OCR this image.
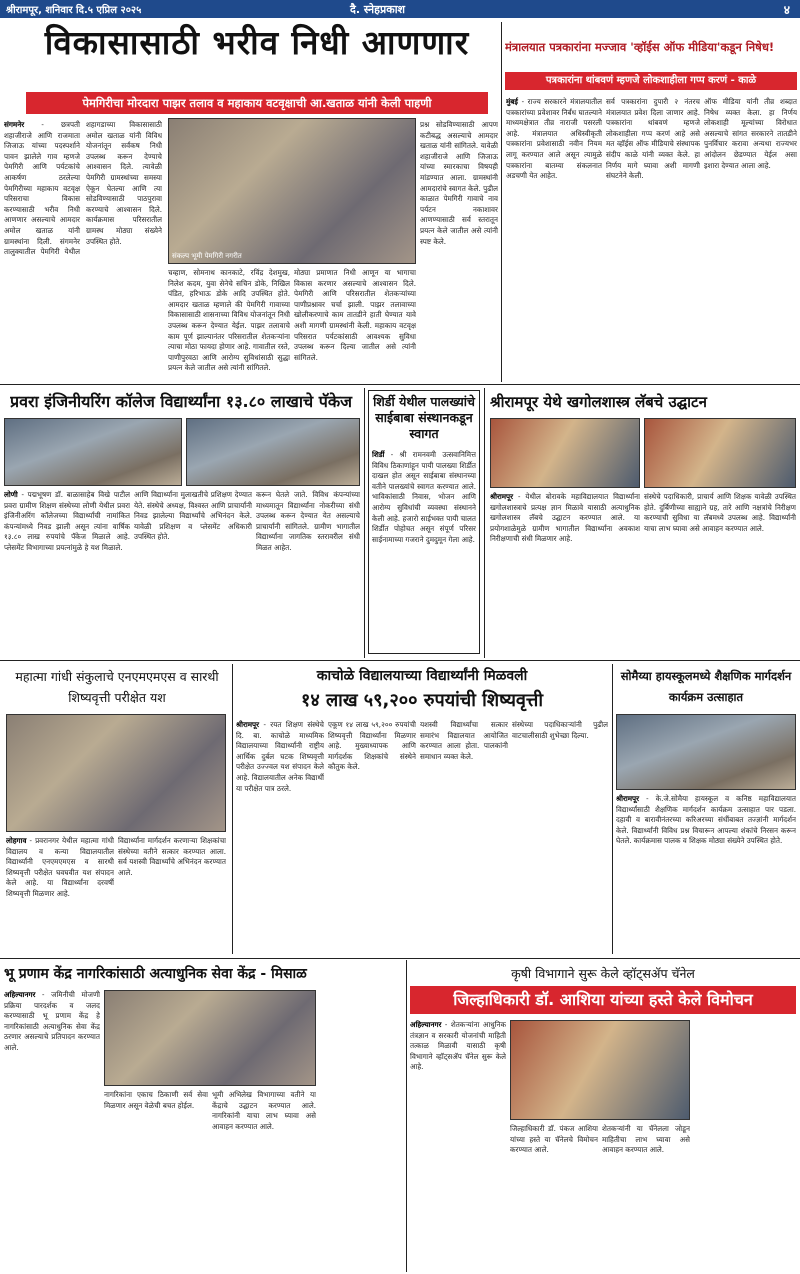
श्रीरामपूर, शनिवार दि.५ एप्रिल २०२५	दै. स्नेहप्रकाश	४
विकासासाठी भरीव निधी आणणार
पेमगिरीचा मोरदारा पाझर तलाव व महाकाय वटवृक्षाची आ.खताळ यांनी केली पाहणी
संकल्प भूमी पेमगिरी नगरीत
संगमनेर - छत्रपती शहाजीराजे आणि राजमाता जिजाऊ यांच्या पदस्पर्शाने पावन झालेले गाव म्हणजे पेमगिरी आणि पर्यटकांचे आकर्षण ठरलेल्या पेमगिरीच्या महाकाय वटवृक्ष परिसराचा विकास करण्यासाठी भरीव निधी आणणार असल्याचे आमदार अमोल खताळ यांनी ग्रामस्थांना दिली. संगमनेर तालुक्यातील पेमगिरी येथील शहागडाच्या विकासासाठी अमोल खताळ यांनी विविध योजनांतून सर्वंकष निधी उपलब्ध करून देण्याचे आश्वासन दिले. त्यावेळी पेमगिरी ग्रामस्थांच्या समस्या ऐकून घेतल्या आणि त्या सोडविण्यासाठी पाठपुरावा करण्याचे आश्वासन दिले. कार्यक्रमास परिसरातील ग्रामस्थ मोठ्या संख्येने उपस्थित होते.
चव्हाण, सोमनाथ कानकाटे, रविंद्र देशमुख, निलेश कदम, युवा सेनेचे सचिन डोके, निखिल पंडित, हरिभाऊ डोके आदि उपस्थित होते. आमदार खताळ म्हणाले की पेमगिरी गावाच्या विकासासाठी शासनाच्या विविध योजनांतून निधी उपलब्ध करून देण्यात येईल. पाझर तलावाचे काम पूर्ण झाल्यानंतर परिसरातील शेतकऱ्यांना त्याचा मोठा फायदा होणार आहे. गावातील रस्ते, पाणीपुरवठा आणि आरोग्य सुविधांसाठी सुद्धा प्रयत्न केले जातील असे त्यांनी सांगितले.
मोठ्या प्रमाणात निधी आणून या भागाचा विकास करणार असल्याचे आश्वासन दिले. पेमगिरी आणि परिसरातील शेतकऱ्यांच्या पाणीप्रश्नावर चर्चा झाली. पाझर तलावाच्या खोलीकरणाचे काम तातडीने हाती घेण्यात यावे अशी मागणी ग्रामस्थांनी केली. महाकाय वटवृक्ष परिसरात पर्यटकांसाठी आवश्यक सुविधा उपलब्ध करून दिल्या जातील असे त्यांनी सांगितले.
प्रश्न सोडविण्यासाठी आपण कटीबद्ध असल्याचे आमदार खताळ यांनी सांगितले. यावेळी शहाजीराजे आणि जिजाऊ यांच्या स्मारकाचा विषयही मांडण्यात आला. ग्रामस्थांनी आमदारांचे स्वागत केले. पुढील काळात पेमगिरी गावाचे नाव पर्यटन नकाशावर आणण्यासाठी सर्व स्तरातून प्रयत्न केले जातील असे त्यांनी स्पष्ट केले.
मंत्रालयात पत्रकारांना मज्जाव 'व्हॉईस ऑफ मीडिया'कडून निषेध!
पत्रकारांना थांबवणं म्हणजे लोकशाहीला गप्प करणं - काळे
मुंबई - राज्य सरकारने मंत्रालयातील पत्रकारांच्या प्रवेशावर निर्बंध घातल्याने माध्यमक्षेत्रात तीव्र नाराजी पसरली आहे. मंत्रालयात अधिस्वीकृती पत्रकारांना प्रवेशासाठी नवीन नियम लागू करण्यात आले असून त्यामुळे पत्रकारांना बातम्या संकलनात अडचणी येत आहेत.
सर्व पत्रकारांना दुपारी २ नंतरच मंत्रालयात प्रवेश दिला जाणार आहे. पत्रकारांना थांबवणं म्हणजे लोकशाहीला गप्प करणं आहे असे मत व्हॉईस ऑफ मीडियाचे संस्थापक संदीप काळे यांनी व्यक्त केले. हा निर्णय मागे घ्यावा अशी मागणी संघटनेने केली.
ऑफ मीडिया यांनी तीव्र शब्दात निषेध व्यक्त केला. हा निर्णय लोकशाही मूल्यांच्या विरोधात असल्याचे सांगत सरकारने तातडीने पुनर्विचार करावा अन्यथा राज्यभर आंदोलन छेडण्यात येईल असा इशारा देण्यात आला आहे.
प्रवरा इंजिनीयरिंग कॉलेज विद्यार्थ्यांना १३.८० लाखाचे पॅकेज
लोणी - पद्मभूषण डॉ. बाळासाहेब विखे पाटील प्रवरा ग्रामीण शिक्षण संस्थेच्या लोणी येथील प्रवरा इंजिनीअरिंग कॉलेजच्या विद्यार्थ्यांची नामांकित कंपन्यांमध्ये निवड झाली असून त्यांना वार्षिक १३.८० लाख रुपयांचे पॅकेज मिळाले आहे. प्लेसमेंट विभागाच्या प्रयत्नांमुळे हे यश मिळाले.
आणि विद्यार्थ्यांना मुलाखतीचे प्रशिक्षण देण्यात येते. संस्थेचे अध्यक्ष, विश्वस्त आणि प्राचार्यांनी निवड झालेल्या विद्यार्थ्यांचे अभिनंदन केले. यावेळी प्रशिक्षण व प्लेसमेंट अधिकारी उपस्थित होते.
करून घेतले जाते. विविध कंपन्यांच्या माध्यमातून विद्यार्थ्यांना नोकरीच्या संधी उपलब्ध करून देण्यात येत असल्याचे प्राचार्यांनी सांगितले. ग्रामीण भागातील विद्यार्थ्यांना जागतिक स्तरावरील संधी मिळत आहेत.
शिर्डी येथील पालख्यांचे साईबाबा संस्थानकडून स्वागत
शिर्डी - श्री रामनवमी उत्सवानिमित्त विविध ठिकाणांहून पायी पालख्या शिर्डीत दाखल होत असून साईबाबा संस्थानच्या वतीने पालख्यांचे स्वागत करण्यात आले. भाविकांसाठी निवास, भोजन आणि आरोग्य सुविधांची व्यवस्था संस्थानने केली आहे. हजारो साईभक्त पायी चालत शिर्डीत पोहोचत असून संपूर्ण परिसर साईनामाच्या गजराने दुमदुमून गेला आहे.
श्रीरामपूर येथे खगोलशास्त्र लॅबचे उद्घाटन
श्रीरामपूर - येथील बोरावके महाविद्यालयात विद्यार्थ्यांना खगोलशास्त्राचे प्रत्यक्ष ज्ञान मिळावे यासाठी अत्याधुनिक खगोलशास्त्र लॅबचे उद्घाटन करण्यात आले. या प्रयोगशाळेमुळे ग्रामीण भागातील विद्यार्थ्यांना अवकाश निरीक्षणाची संधी मिळणार आहे.
संस्थेचे पदाधिकारी, प्राचार्य आणि शिक्षक यावेळी उपस्थित होते. दुर्बिणीच्या साह्याने ग्रह, तारे आणि नक्षत्रांचे निरीक्षण करण्याची सुविधा या लॅबमध्ये उपलब्ध आहे. विद्यार्थ्यांनी याचा लाभ घ्यावा असे आवाहन करण्यात आले.
महात्मा गांधी संकुलाचे एनएमएमएस व सारथी शिष्यवृत्ती परीक्षेत यश
लोहगाव - प्रवरानगर येथील महात्मा गांधी विद्यालय व कन्या विद्यालयातील विद्यार्थ्यांनी एनएमएमएस व सारथी शिष्यवृत्ती परीक्षेत घवघवीत यश संपादन केले आहे. या विद्यार्थ्यांना दरवर्षी शिष्यवृत्ती मिळणार आहे.
विद्यार्थ्यांना मार्गदर्शन करणाऱ्या शिक्षकांचा संस्थेच्या वतीने सत्कार करण्यात आला. सर्व यशस्वी विद्यार्थ्यांचे अभिनंदन करण्यात आले.
काचोळे विद्यालयाच्या विद्यार्थ्यांनी मिळवली
१४ लाख ५९,२०० रुपयांची शिष्यवृत्ती
श्रीरामपूर - रयत शिक्षण संस्थेचे दि. बा. काचोळे माध्यमिक विद्यालयाच्या विद्यार्थ्यांनी राष्ट्रीय आर्थिक दुर्बल घटक शिष्यवृत्ती परीक्षेत उज्ज्वल यश संपादन केले आहे. विद्यालयातील अनेक विद्यार्थी या परीक्षेत पात्र ठरले.
एकूण १४ लाख ५९,२०० रुपयांची शिष्यवृत्ती विद्यार्थ्यांना मिळणार आहे. मुख्याध्यापक आणि मार्गदर्शक शिक्षकांचे संस्थेने कौतुक केले.
यशस्वी विद्यार्थ्यांचा सत्कार समारंभ विद्यालयात आयोजित करण्यात आला होता. पालकांनी समाधान व्यक्त केले.
संस्थेच्या पदाधिकाऱ्यांनी पुढील वाटचालीसाठी शुभेच्छा दिल्या.
सोमैय्या हायस्कूलमध्ये शैक्षणिक मार्गदर्शन कार्यक्रम उत्साहात
श्रीरामपूर - के.जे.सोमैया हायस्कूल व कनिष्ठ महाविद्यालयात विद्यार्थ्यांसाठी शैक्षणिक मार्गदर्शन कार्यक्रम उत्साहात पार पडला. दहावी व बारावीनंतरच्या करिअरच्या संधींबाबत तज्ज्ञांनी मार्गदर्शन केले. विद्यार्थ्यांनी विविध प्रश्न विचारून आपल्या शंकांचे निरसन करून घेतले. कार्यक्रमास पालक व शिक्षक मोठ्या संख्येने उपस्थित होते.
भू प्रणाम केंद्र नागरिकांसाठी अत्याधुनिक सेवा केंद्र - मिसाळ
अहिल्यानगर - जमिनीची मोजणी प्रक्रिया पारदर्शक व जलद करण्यासाठी भू प्रणाम केंद्र हे नागरिकांसाठी अत्याधुनिक सेवा केंद्र ठरणार असल्याचे प्रतिपादन करण्यात आले.
नागरिकांना एकाच ठिकाणी सर्व सेवा मिळणार असून वेळेची बचत होईल.
भूमी अभिलेख विभागाच्या वतीने या केंद्राचे उद्घाटन करण्यात आले. नागरिकांनी याचा लाभ घ्यावा असे आवाहन करण्यात आले.
कृषी विभागाने सुरू केले व्हॉट्सॲप चॅनेल
जिल्हाधिकारी डॉ. आशिया यांच्या हस्ते केले विमोचन
अहिल्यानगर - शेतकऱ्यांना आधुनिक तंत्रज्ञान व सरकारी योजनांची माहिती तत्काळ मिळावी यासाठी कृषी विभागाने व्हॉट्सॲप चॅनेल सुरू केले आहे.
जिल्हाधिकारी डॉ. पंकज आशिया यांच्या हस्ते या चॅनेलचे विमोचन करण्यात आले.
शेतकऱ्यांनी या चॅनेलला जोडून माहितीचा लाभ घ्यावा असे आवाहन करण्यात आले.
